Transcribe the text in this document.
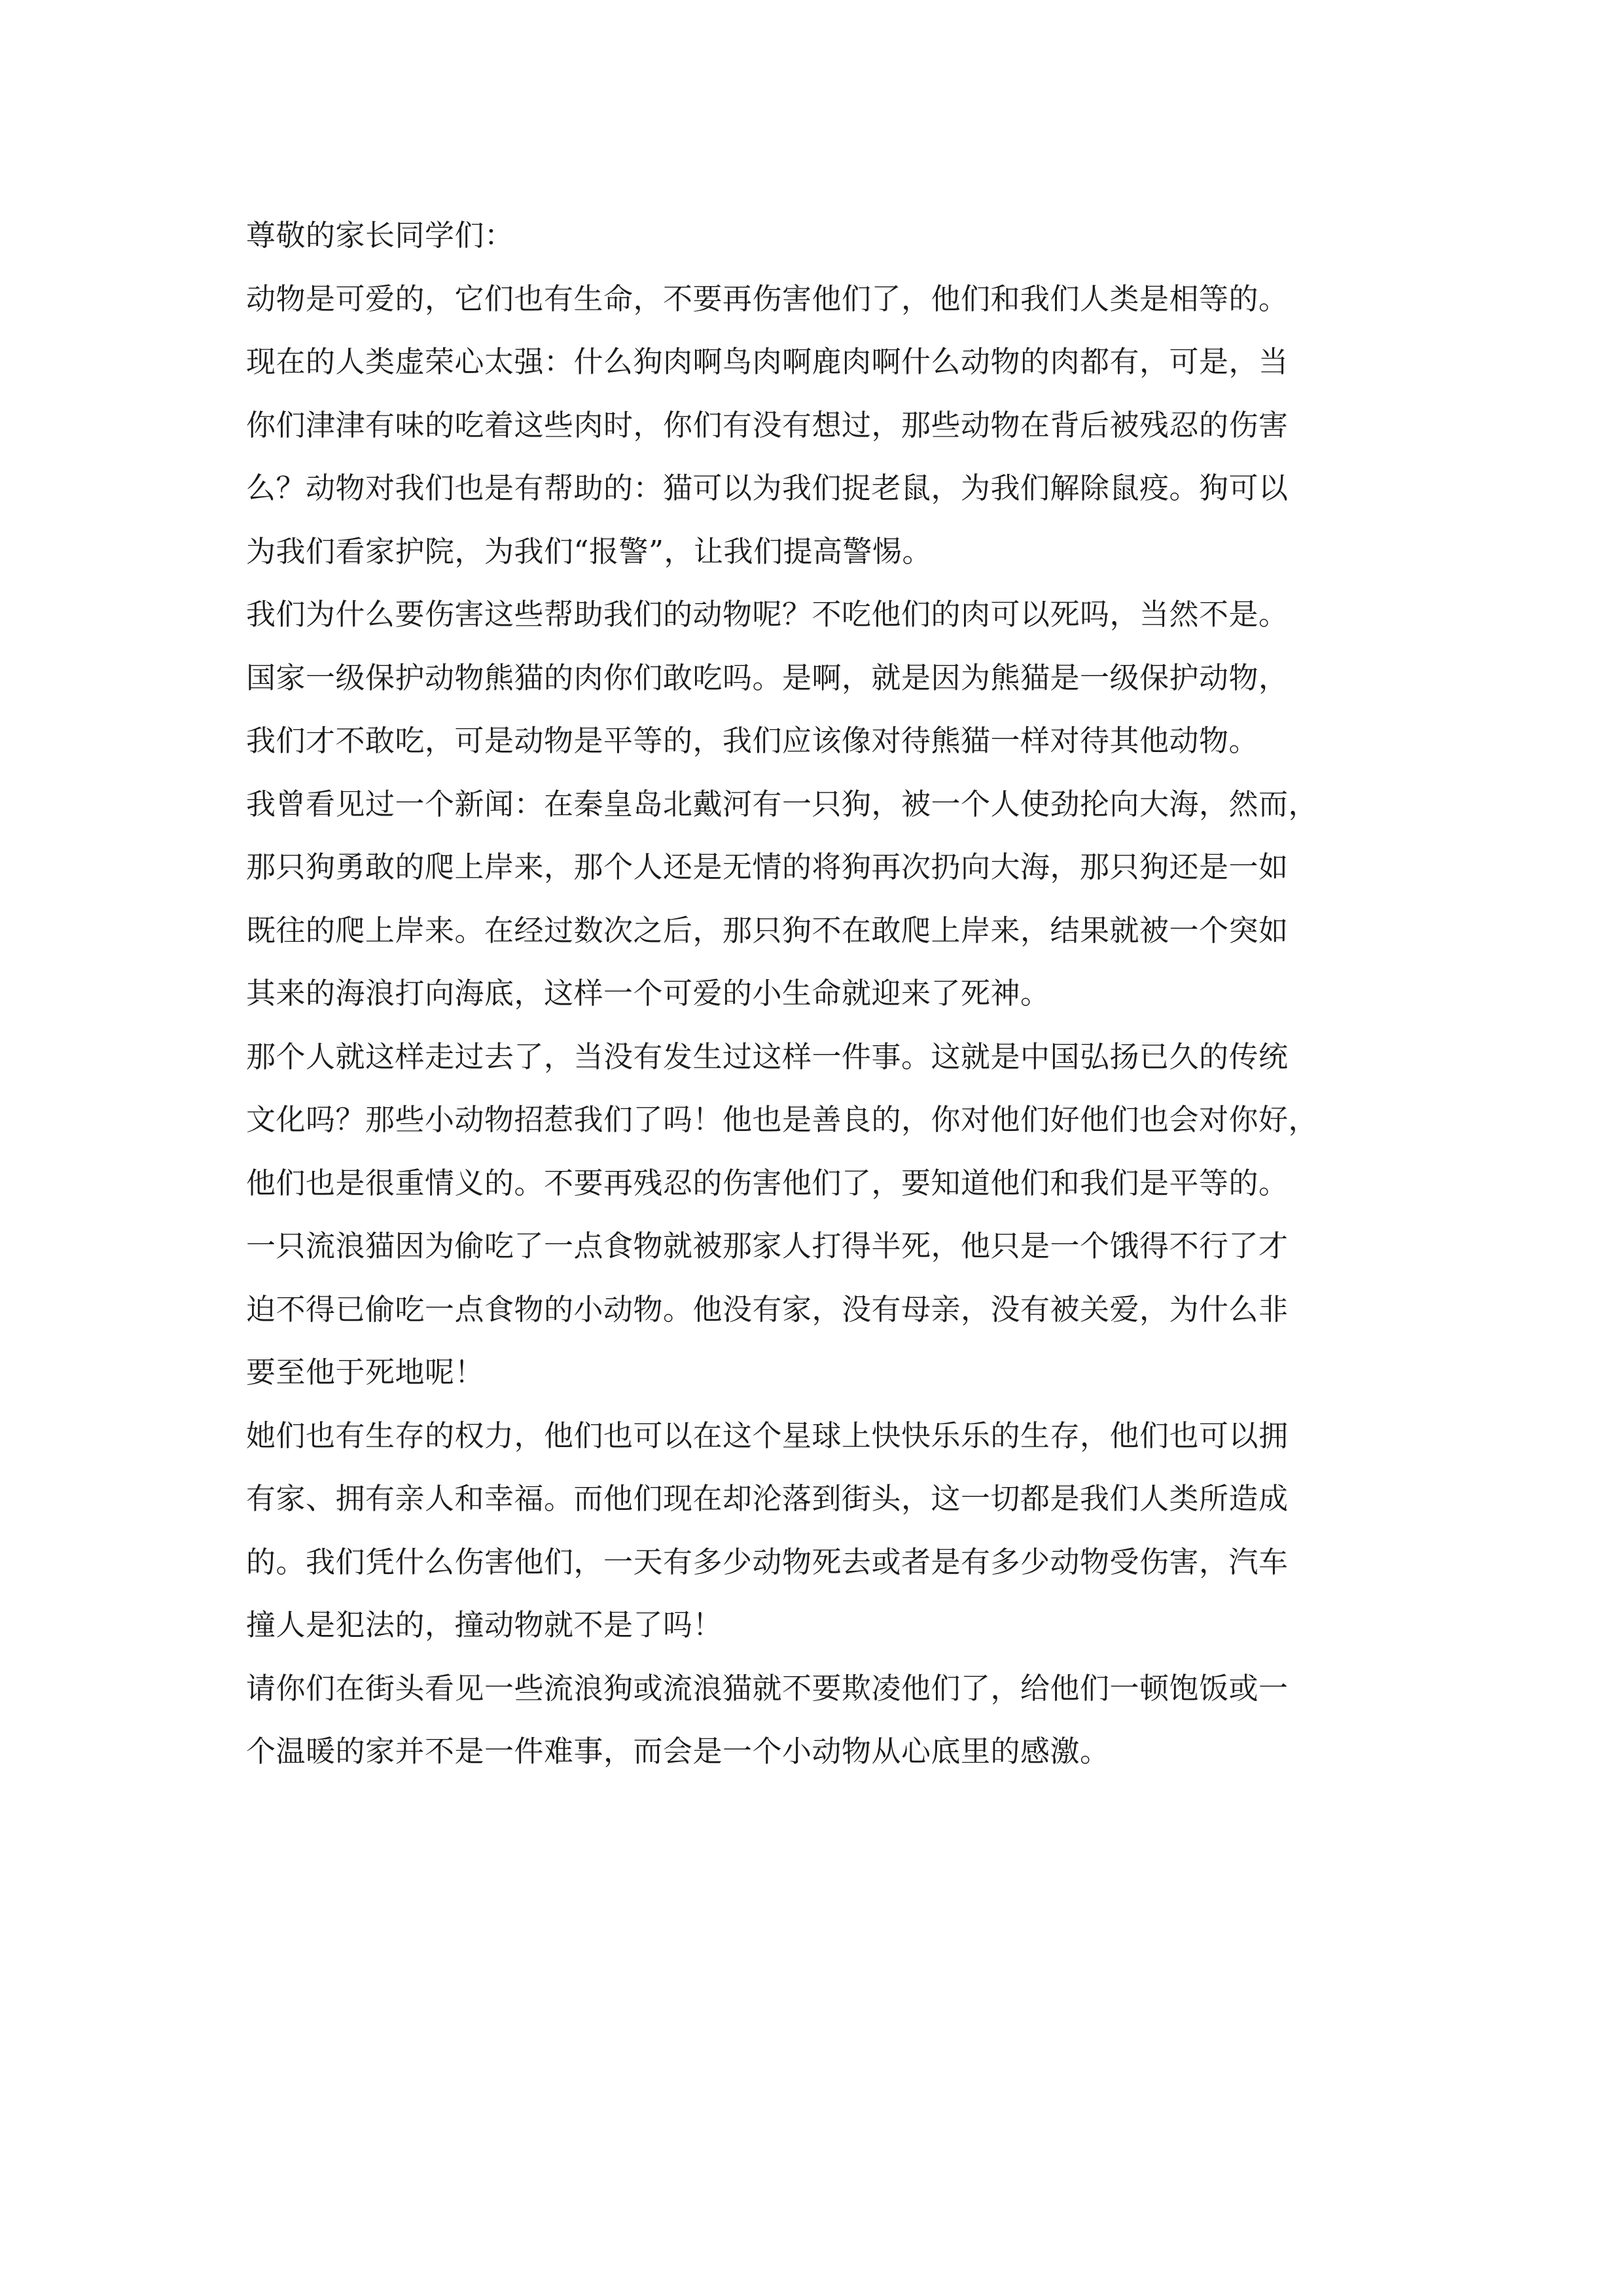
尊敬的家长同学们：
动物是可爱的，它们也有生命，不要再伤害他们了，他们和我们人类是相等的。
现在的人类虚荣心太强：什么狗肉啊鸟肉啊鹿肉啊什么动物的肉都有，可是，当
你们津津有味的吃着这些肉时，你们有没有想过，那些动物在背后被残忍的伤害
么？动物对我们也是有帮助的：猫可以为我们捉老鼠，为我们解除鼠疫。狗可以
为我们看家护院，为我们“报警”，让我们提高警惕。
我们为什么要伤害这些帮助我们的动物呢？不吃他们的肉可以死吗，当然不是。
国家一级保护动物熊猫的肉你们敢吃吗。是啊，就是因为熊猫是一级保护动物，
我们才不敢吃，可是动物是平等的，我们应该像对待熊猫一样对待其他动物。
我曾看见过一个新闻：在秦皇岛北戴河有一只狗，被一个人使劲抡向大海，然而，
那只狗勇敢的爬上岸来，那个人还是无情的将狗再次扔向大海，那只狗还是一如
既往的爬上岸来。在经过数次之后，那只狗不在敢爬上岸来，结果就被一个突如
其来的海浪打向海底，这样一个可爱的小生命就迎来了死神。
那个人就这样走过去了，当没有发生过这样一件事。这就是中国弘扬已久的传统
文化吗？那些小动物招惹我们了吗！他也是善良的，你对他们好他们也会对你好，
他们也是很重情义的。不要再残忍的伤害他们了，要知道他们和我们是平等的。
一只流浪猫因为偷吃了一点食物就被那家人打得半死，他只是一个饿得不行了才
迫不得已偷吃一点食物的小动物。他没有家，没有母亲，没有被关爱，为什么非
要至他于死地呢！
她们也有生存的权力，他们也可以在这个星球上快快乐乐的生存，他们也可以拥
有家、拥有亲人和幸福。而他们现在却沦落到街头，这一切都是我们人类所造成
的。我们凭什么伤害他们，一天有多少动物死去或者是有多少动物受伤害，汽车
撞人是犯法的，撞动物就不是了吗！
请你们在街头看见一些流浪狗或流浪猫就不要欺凌他们了，给他们一顿饱饭或一
个温暖的家并不是一件难事，而会是一个小动物从心底里的感激。
